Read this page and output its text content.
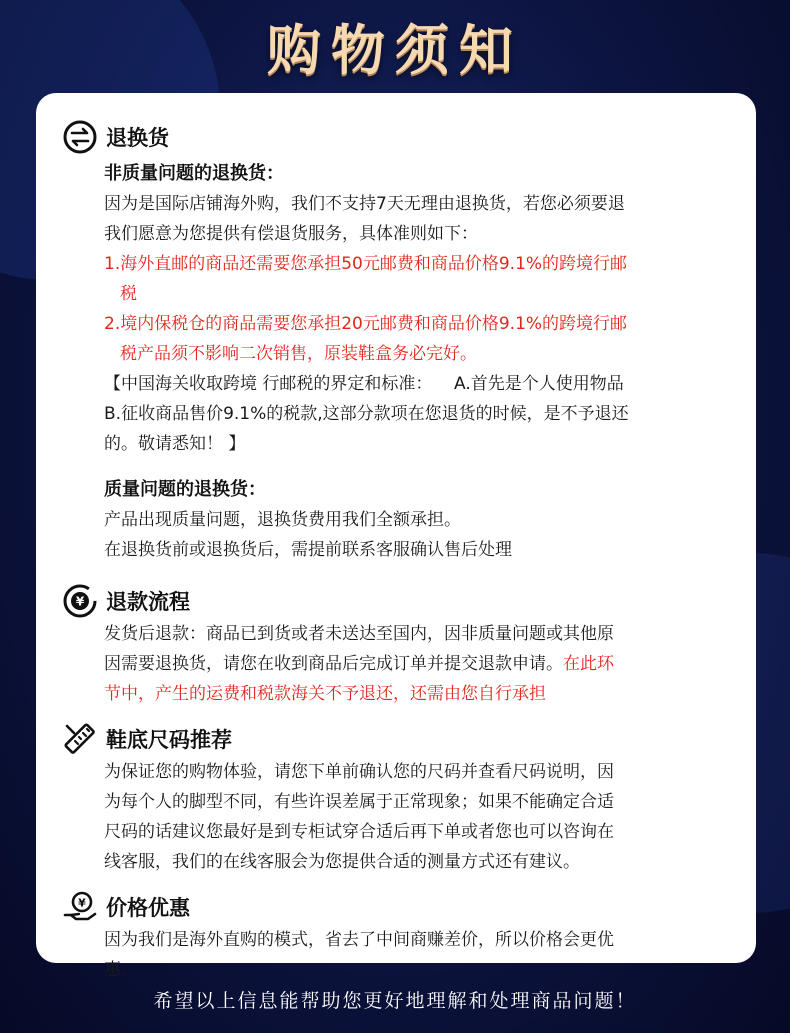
购物须知
退换货
非质量问题的退换货：
因为是国际店铺海外购，我们不支持7天无理由退换货，若您必须要退
我们愿意为您提供有偿退货服务，具体准则如下：
1.海外直邮的商品还需要您承担50元邮费和商品价格9.1%的跨境行邮
税
2.境内保税仓的商品需要您承担20元邮费和商品价格9.1%的跨境行邮
税产品须不影响二次销售，原装鞋盒务必完好。
【中国海关收取跨境 行邮税的界定和标准：    A.首先是个人使用物品
B.征收商品售价9.1%的税款,这部分款项在您退货的时候，是不予退还
的。敬请悉知！ 】
质量问题的退换货：
产品出现质量问题，退换货费用我们全额承担。
在退换货前或退换货后，需提前联系客服确认售后处理
¥ 退款流程
发货后退款：商品已到货或者未送达至国内，因非质量问题或其他原
因需要退换货，请您在收到商品后完成订单并提交退款申请。在此环
节中，产生的运费和税款海关不予退还，还需由您自行承担
鞋底尺码推荐
为保证您的购物体验，请您下单前确认您的尺码并查看尺码说明，因
为每个人的脚型不同，有些许误差属于正常现象；如果不能确定合适
尺码的话建议您最好是到专柜试穿合适后再下单或者您也可以咨询在
线客服，我们的在线客服会为您提供合适的测量方式还有建议。
¥ 价格优惠
因为我们是海外直购的模式，省去了中间商赚差价，所以价格会更优
惠。
希望以上信息能帮助您更好地理解和处理商品问题！
